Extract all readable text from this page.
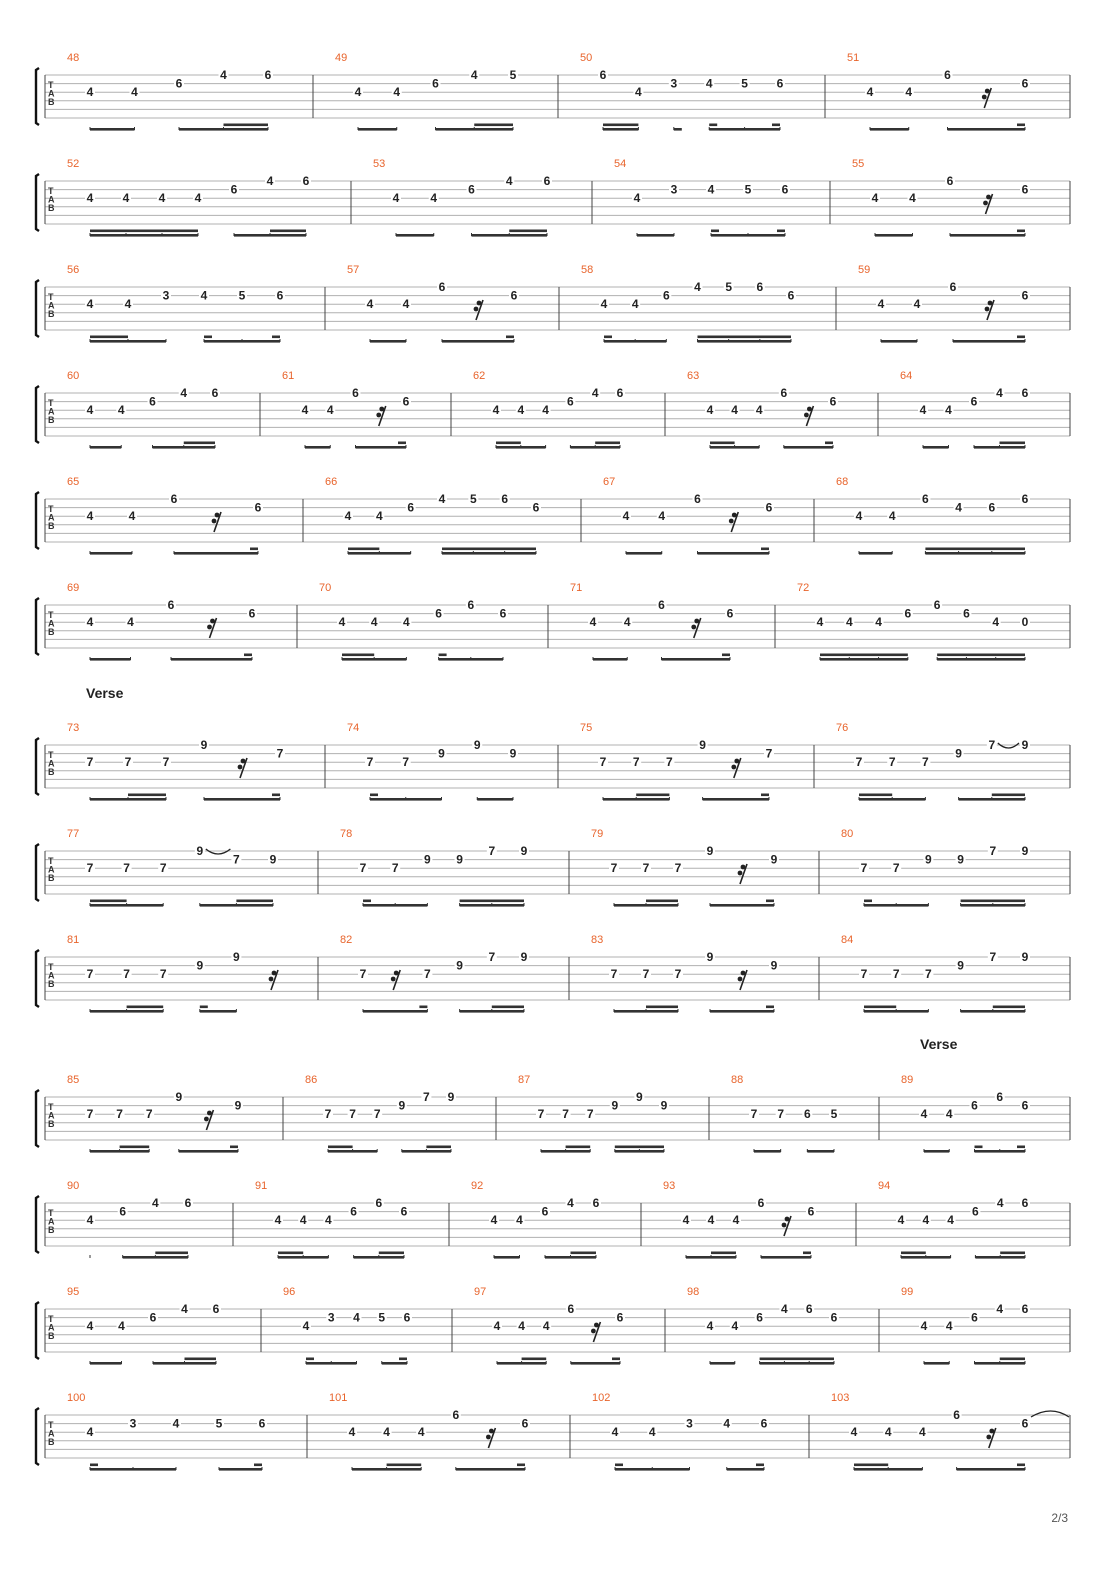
T
A
B
48
4	4
6
4	6
49
4	4
6
4	5
50
6
4
3 4 5 6
51
4	4
6
6
T
A
B
52
4 4 4 4
6
4 6
53
4	4
6
4	6
54
4
3	4	5	6
55
4	4
6
6
T
A
B
56
4	4
3	4	5	6
57
4 4
6
6
58
4 4
6
4 5 6
6
59
4 4
6
6
T
A
B
60
4 4
6
4 6
61
4 4
6
6
62
4 4 4
6
4 6
63
4 4 4
6
6
64
4 4
6
4 6
T
A
B
65
4	4
6
6
66
4 4
6
4 5 6
6
67
4 4
6
6
68
4 4
6
4 6
6
T
A
B
69
4	4
6
6
70
4 4 4
6
6
6
71
4 4
6
6
72
4 4 4
6
6
6
4 0
T
A
B
73
7	7	7
9
7
74
7 7
9
9
9
75
7 7 7
9
7
76
7 7 7
9
7 9
T
A
B
77
7 7 7
9
7 9
78
7 7
9 9
7 9
79
7 7 7
9
9
80
7 7
9 9
7 9
T
A
B
81
7 7 7
9
9
82
7	7
9
7 9
83
7 7 7
9
9
84
7 7 7
9
7 9
T
A
B
85
7 7 7
9
9
86
7 7 7
9
7 9
87
7 7 7
9
9
9
88
7 7 6 5
89
4 4
6
6
6
T
A
B
90
4
6
4 6
91
4 4 4
6
6
6
92
4 4
6
4 6
93
4 4 4
6
6
94
4 4 4
6
4 6
T
A
B
95
4 4
6
4 6
96
4
3 4 5 6
97
4 4 4
6
6
98
4 4
6
4 6
6
99
4 4
6
4 6
T
A
B
100
4
3	4	5	6
101
4 4 4
6
6
102
4	4
3	4	6
103
4 4 4
6
6
Verse
Verse
2/3
